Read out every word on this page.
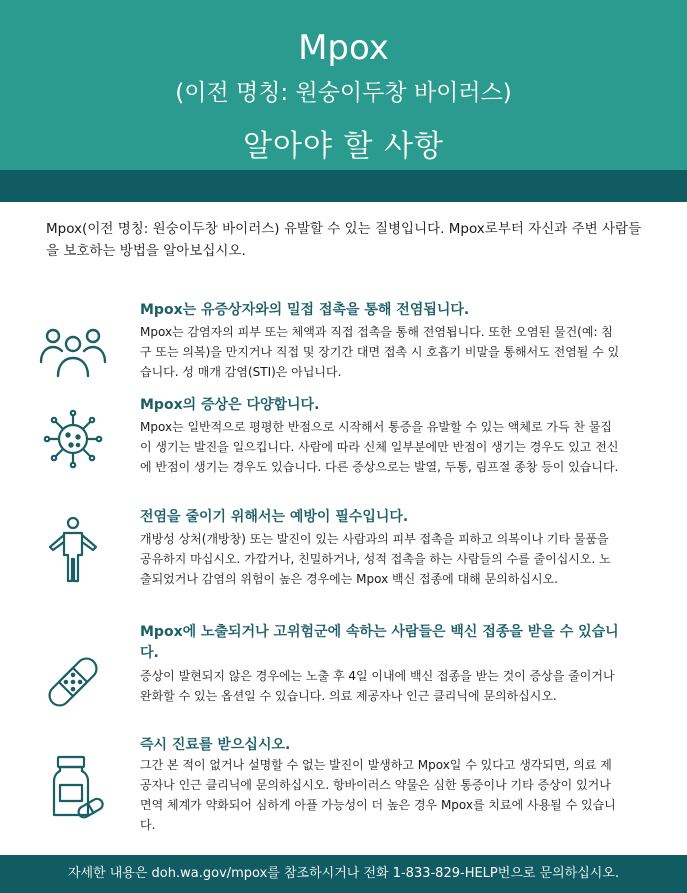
Mpox
(이전 명칭: 원숭이두창 바이러스)
알아야 할 사항
Mpox(이전 명칭: 원숭이두창 바이러스) 유발할 수 있는 질병입니다. Mpox로부터 자신과 주변 사람들을 보호하는 방법을 알아보십시오.
Mpox는 유증상자와의 밀접 접촉을 통해 전염됩니다.
Mpox는 감염자의 피부 또는 체액과 직접 접촉을 통해 전염됩니다. 또한 오염된 물건(예: 침구 또는 의복)을 만지거나 직접 및 장기간 대면 접촉 시 호흡기 비말을 통해서도 전염될 수 있습니다. 성 매개 감염(STI)은 아닙니다.
Mpox의 증상은 다양합니다.
Mpox는 일반적으로 평평한 반점으로 시작해서 통증을 유발할 수 있는 액체로 가득 찬 물집이 생기는 발진을 일으킵니다. 사람에 따라 신체 일부분에만 반점이 생기는 경우도 있고 전신에 반점이 생기는 경우도 있습니다. 다른 증상으로는 발열, 두통, 림프절 종창 등이 있습니다.
전염을 줄이기 위해서는 예방이 필수입니다.
개방성 상처(개방창) 또는 발진이 있는 사람과의 피부 접촉을 피하고 의복이나 기타 물품을 공유하지 마십시오. 가깝거나, 친밀하거나, 성적 접촉을 하는 사람들의 수를 줄이십시오. 노출되었거나 감염의 위험이 높은 경우에는 Mpox 백신 접종에 대해 문의하십시오.
Mpox에 노출되거나 고위험군에 속하는 사람들은 백신 접종을 받을 수 있습니다.
증상이 발현되지 않은 경우에는 노출 후 4일 이내에 백신 접종을 받는 것이 증상을 줄이거나 완화할 수 있는 옵션일 수 있습니다. 의료 제공자나 인근 클리닉에 문의하십시오.
즉시 진료를 받으십시오.
그간 본 적이 없거나 설명할 수 없는 발진이 발생하고 Mpox일 수 있다고 생각되면, 의료 제공자나 인근 클리닉에 문의하십시오. 항바이러스 약물은 심한 통증이나 기타 증상이 있거나 면역 체계가 약화되어 심하게 아플 가능성이 더 높은 경우 Mpox를 치료에 사용될 수 있습니다.
자세한 내용은 doh.wa.gov/mpox를 참조하시거나 전화 1-833-829-HELP번으로 문의하십시오.
